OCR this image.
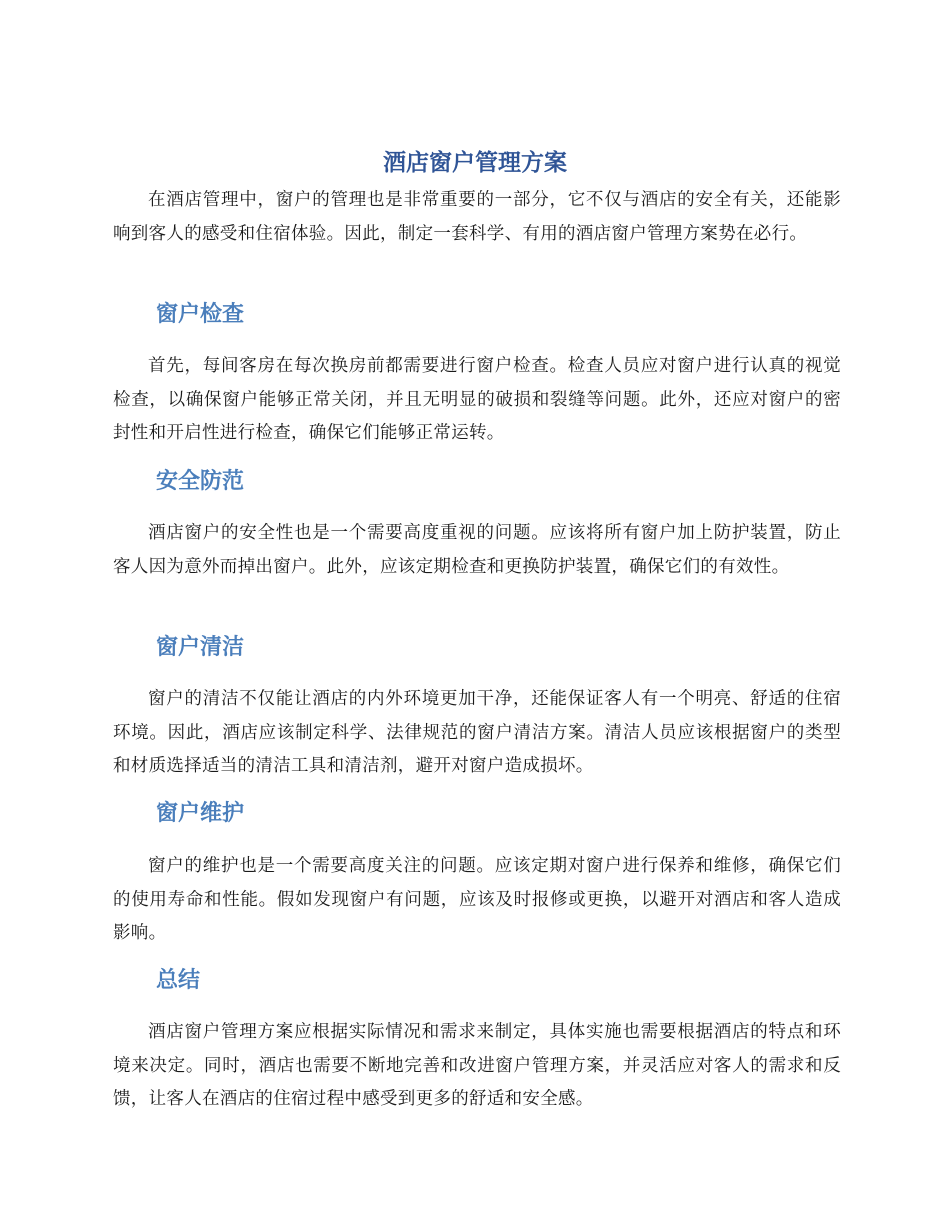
酒店窗户管理方案

在酒店管理中，窗户的管理也是非常重要的一部分，它不仅与酒店的安全有关，还能影响到客人的感受和住宿体验。因此，制定一套科学、有用的酒店窗户管理方案势在必行。

窗户检查

首先，每间客房在每次换房前都需要进行窗户检查。检查人员应对窗户进行认真的视觉检查，以确保窗户能够正常关闭，并且无明显的破损和裂缝等问题。此外，还应对窗户的密封性和开启性进行检查，确保它们能够正常运转。

安全防范

酒店窗户的安全性也是一个需要高度重视的问题。应该将所有窗户加上防护装置，防止客人因为意外而掉出窗户。此外，应该定期检查和更换防护装置，确保它们的有效性。

窗户清洁

窗户的清洁不仅能让酒店的内外环境更加干净，还能保证客人有一个明亮、舒适的住宿环境。因此，酒店应该制定科学、法律规范的窗户清洁方案。清洁人员应该根据窗户的类型和材质选择适当的清洁工具和清洁剂，避开对窗户造成损坏。

窗户维护

窗户的维护也是一个需要高度关注的问题。应该定期对窗户进行保养和维修，确保它们的使用寿命和性能。假如发现窗户有问题，应该及时报修或更换，以避开对酒店和客人造成影响。

总结

酒店窗户管理方案应根据实际情况和需求来制定，具体实施也需要根据酒店的特点和环境来决定。同时，酒店也需要不断地完善和改进窗户管理方案，并灵活应对客人的需求和反馈，让客人在酒店的住宿过程中感受到更多的舒适和安全感。
